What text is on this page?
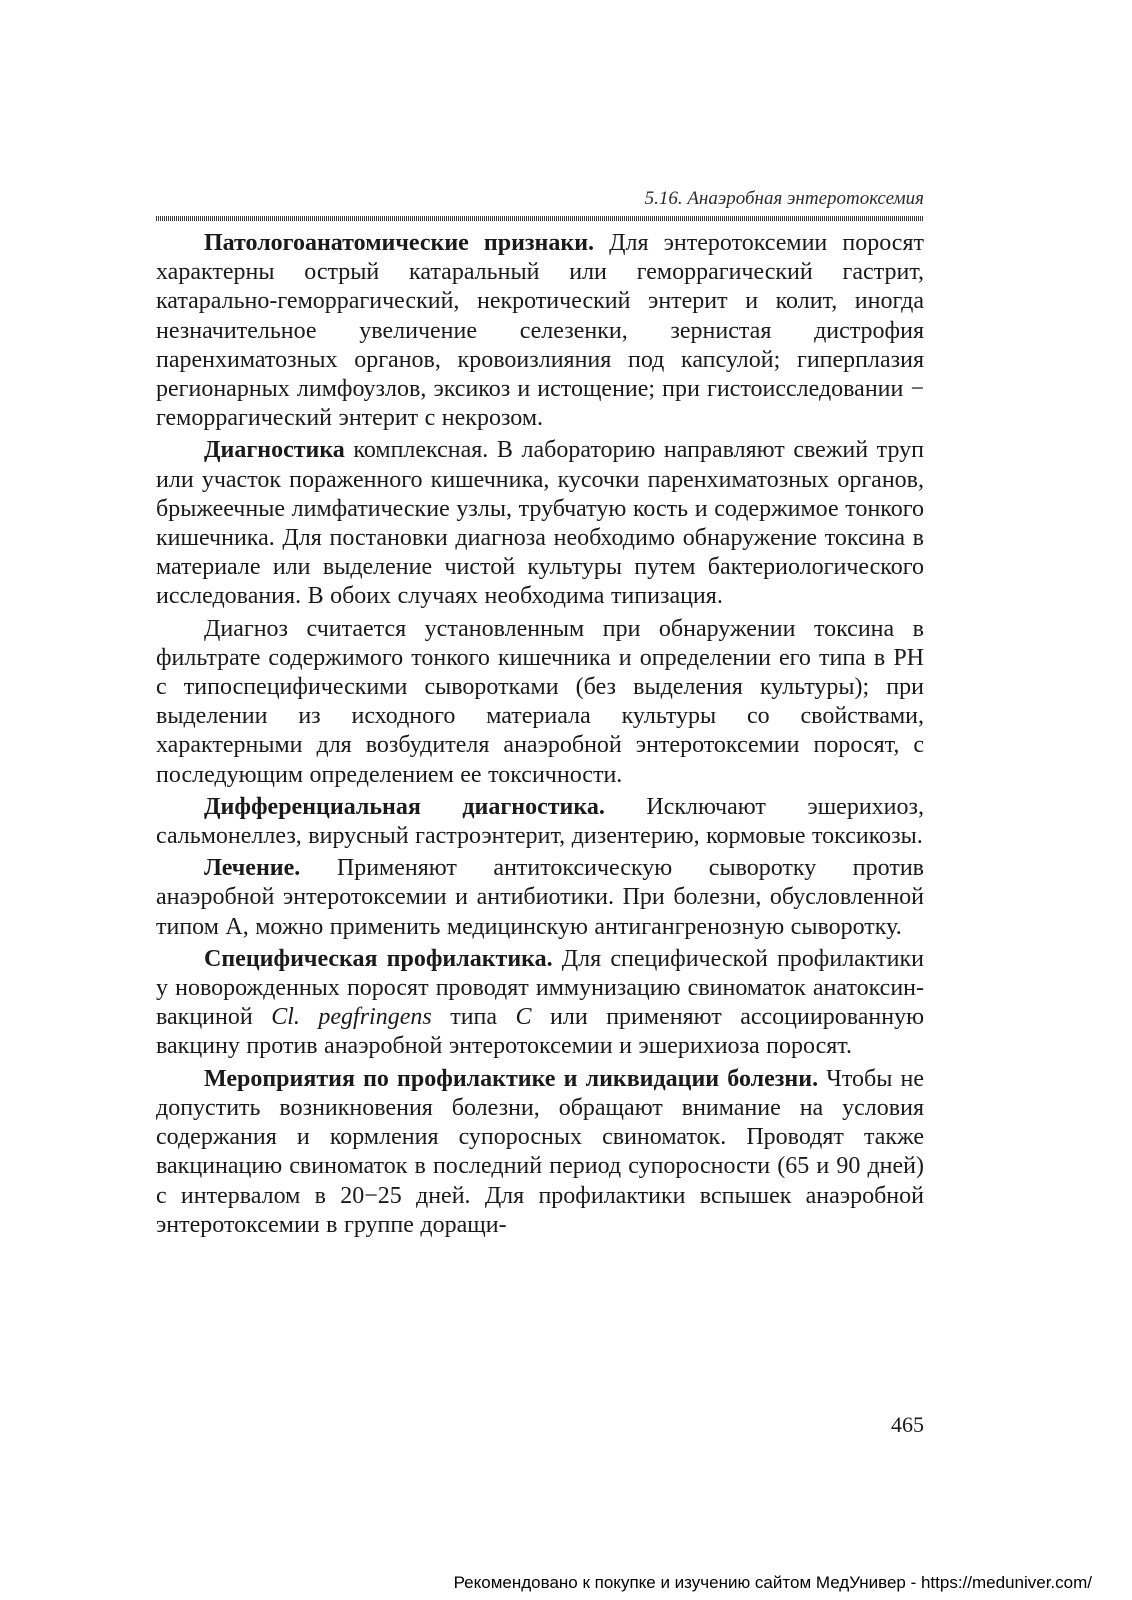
5.16. Анаэробная энтеротоксемия

Патологоанатомические признаки. Для энтеротоксемии поросят характерны острый катаральный или геморрагический гастрит, катарально-геморрагический, некротический энтерит и колит, иногда незначительное увеличение селезенки, зернистая дистрофия паренхиматозных органов, кровоизлияния под капсулой; гиперплазия регионарных лимфоузлов, эксикоз и истощение; при гистоисследовании − геморрагический энтерит с некрозом.

Диагностика комплексная. В лабораторию направляют свежий труп или участок пораженного кишечника, кусочки паренхиматозных органов, брыжеечные лимфатические узлы, трубчатую кость и содержимое тонкого кишечника. Для постановки диагноза необходимо обнаружение токсина в материале или выделение чистой культуры путем бактериологического исследования. В обоих случаях необходима типизация.

Диагноз считается установленным при обнаружении токсина в фильтрате содержимого тонкого кишечника и определении его типа в РН с типоспецифическими сыворотками (без выделения культуры); при выделении из исходного материала культуры со свойствами, характерными для возбудителя анаэробной энтеротоксемии поросят, с последующим определением ее токсичности.

Дифференциальная диагностика. Исключают эшерихиоз, сальмонеллез, вирусный гастроэнтерит, дизентерию, кормовые токсикозы.

Лечение. Применяют антитоксическую сыворотку против анаэробной энтеротоксемии и антибиотики. При болезни, обусловленной типом А, можно применить медицинскую антигангренозную сыворотку.

Специфическая профилактика. Для специфической профилактики у новорожденных поросят проводят иммунизацию свиноматок анатоксин-вакциной Cl. pegfringens типа С или применяют ассоциированную вакцину против анаэробной энтеротоксемии и эшерихиоза поросят.

Мероприятия по профилактике и ликвидации болезни. Чтобы не допустить возникновения болезни, обращают внимание на условия содержания и кормления супоросных свиноматок. Проводят также вакцинацию свиноматок в последний период супоросности (65 и 90 дней) с интервалом в 20−25 дней. Для профилактики вспышек анаэробной энтеротоксемии в группе доращи-

465
Рекомендовано к покупке и изучению сайтом МедУнивер - https://meduniver.com/
